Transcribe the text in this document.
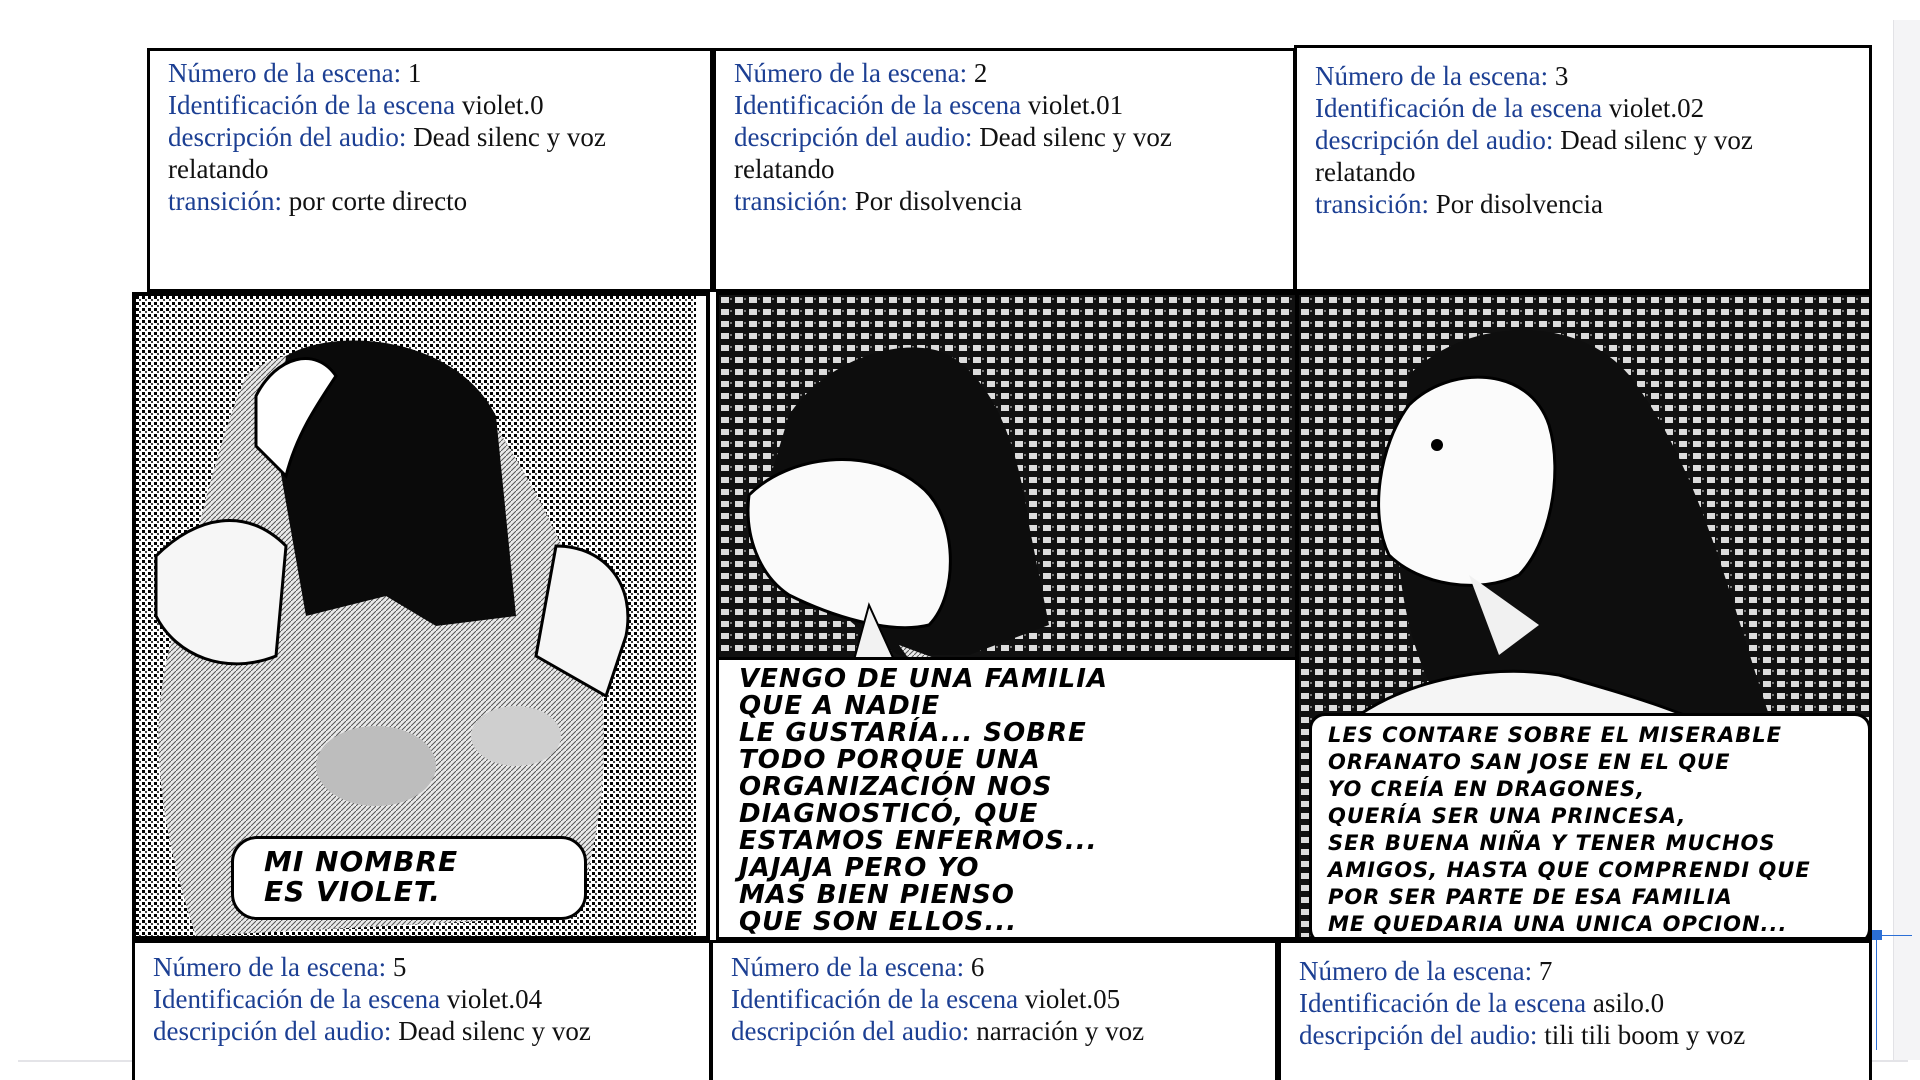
Número de la escena: 1

Identificación de la escena violet.0

descripción del audio: Dead silenc y voz

relatando

transición: por corte directo

Número de la escena: 2

Identificación de la escena violet.01

descripción del audio: Dead silenc y voz

relatando

transición: Por disolvencia

Número de la escena: 3

Identificación de la escena violet.02

descripción del audio: Dead silenc y voz

relatando

transición: Por disolvencia

MI NOMBRE
ES VIOLET.
VENGO DE UNA FAMILIA
QUE A NADIE
LE GUSTARÍA... SOBRE
TODO PORQUE UNA
ORGANIZACIÓN NOS
DIAGNOSTICÓ, QUE
ESTAMOS ENFERMOS...
JAJAJA PERO YO
MAS BIEN PIENSO
QUE SON ELLOS...
LES CONTARE SOBRE EL MISERABLE
ORFANATO SAN JOSE EN EL QUE
YO CREÍA EN DRAGONES,
QUERÍA SER UNA PRINCESA,
SER BUENA NIÑA Y TENER MUCHOS
AMIGOS, HASTA QUE COMPRENDI QUE
POR SER PARTE DE ESA FAMILIA
ME QUEDARIA UNA UNICA OPCION...

Número de la escena: 5

Identificación de la escena violet.04

descripción del audio: Dead silenc y voz

Número de la escena: 6

Identificación de la escena violet.05

descripción del audio: narración y voz

Número de la escena: 7

Identificación de la escena asilo.0

descripción del audio: tili tili boom y voz
